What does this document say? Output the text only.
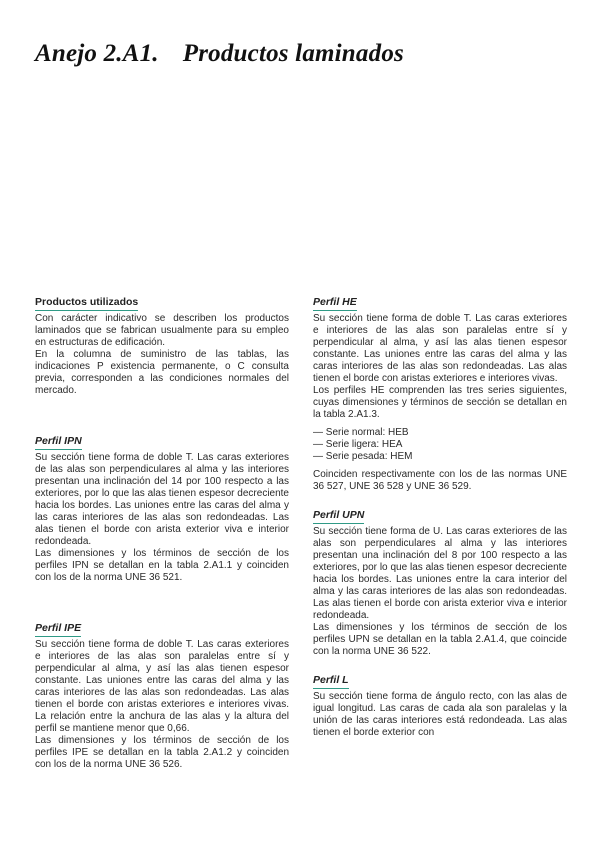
Anejo 2.A1. Productos laminados
Productos utilizados

Con carácter indicativo se describen los productos laminados que se fabrican usualmente para su empleo en estructuras de edificación.

En la columna de suministro de las tablas, las indicaciones P existencia permanente, o C consulta previa, corresponden a las condiciones normales del mercado.

Perfil IPN

Su sección tiene forma de doble T. Las caras exteriores de las alas son perpendiculares al alma y las interiores presentan una inclinación del 14 por 100 respecto a las exteriores, por lo que las alas tienen espesor decreciente hacia los bordes. Las uniones entre las caras del alma y las caras interiores de las alas son redondeadas. Las alas tienen el borde con arista exterior viva e interior redondeada.

Las dimensiones y los términos de sección de los perfiles IPN se detallan en la tabla 2.A1.1 y coinciden con los de la norma UNE 36 521.

Perfil IPE

Su sección tiene forma de doble T. Las caras exteriores e interiores de las alas son paralelas entre sí y perpendicular al alma, y así las alas tienen espesor constante. Las uniones entre las caras del alma y las caras interiores de las alas son redondeadas. Las alas tienen el borde con aristas exteriores e interiores vivas. La relación entre la anchura de las alas y la altura del perfil se mantiene menor que 0,66.

Las dimensiones y los términos de sección de los perfiles IPE se detallan en la tabla 2.A1.2 y coinciden con los de la norma UNE 36 526.

Perfil HE

Su sección tiene forma de doble T. Las caras exteriores e interiores de las alas son paralelas entre sí y perpendicular al alma, y así las alas tienen espesor constante. Las uniones entre las caras del alma y las caras interiores de las alas son redondeadas. Las alas tienen el borde con aristas exteriores e interiores vivas.

Los perfiles HE comprenden las tres series siguientes, cuyas dimensiones y términos de sección se detallan en la tabla 2.A1.3.

— Serie normal: HEB
— Serie ligera: HEA
— Serie pesada: HEM

Coinciden respectivamente con los de las normas UNE 36 527, UNE 36 528 y UNE 36 529.

Perfil UPN

Su sección tiene forma de U. Las caras exteriores de las alas son perpendiculares al alma y las interiores presentan una inclinación del 8 por 100 respecto a las exteriores, por lo que las alas tienen espesor decreciente hacia los bordes. Las uniones entre la cara interior del alma y las caras interiores de las alas son redondeadas. Las alas tienen el borde con arista exterior viva e interior redondeada.

Las dimensiones y los términos de sección de los perfiles UPN se detallan en la tabla 2.A1.4, que coincide con la norma UNE 36 522.

Perfil L

Su sección tiene forma de ángulo recto, con las alas de igual longitud. Las caras de cada ala son paralelas y la unión de las caras interiores está redondeada. Las alas tienen el borde exterior con
